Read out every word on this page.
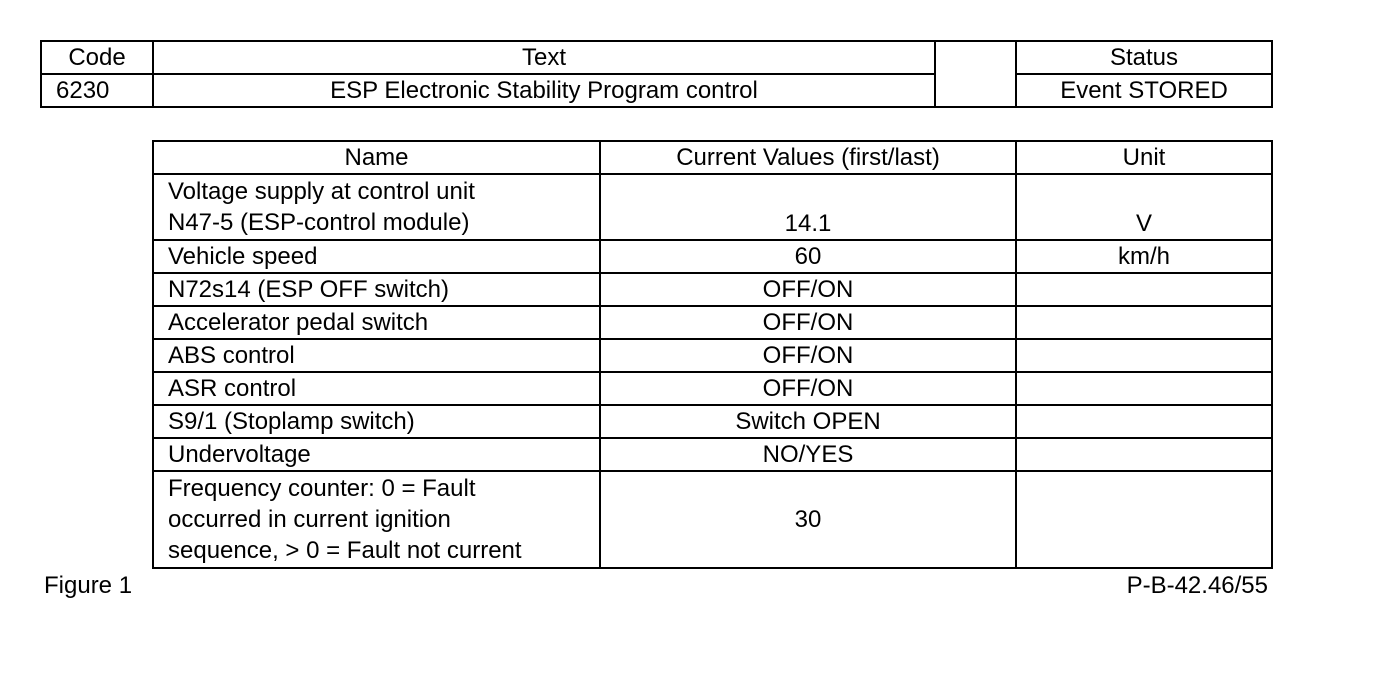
Code	Text		Status
6230	ESP Electronic Stability Program control		Event STORED
Name	Current Values (first/last)	Unit

Voltage supply at control unit
N47-5 (ESP-control module)	14.1	V
Vehicle speed	60	km/h
N72s14 (ESP OFF switch)	OFF/ON	
Accelerator pedal switch	OFF/ON	
ABS control	OFF/ON	
ASR control	OFF/ON	
S9/1 (Stoplamp switch)	Switch OPEN	
Undervoltage	NO/YES	

Frequency counter: 0 = Fault
occurred in current ignition
sequence, > 0 = Fault not current	30	
Figure 1	P-B-42.46/55
